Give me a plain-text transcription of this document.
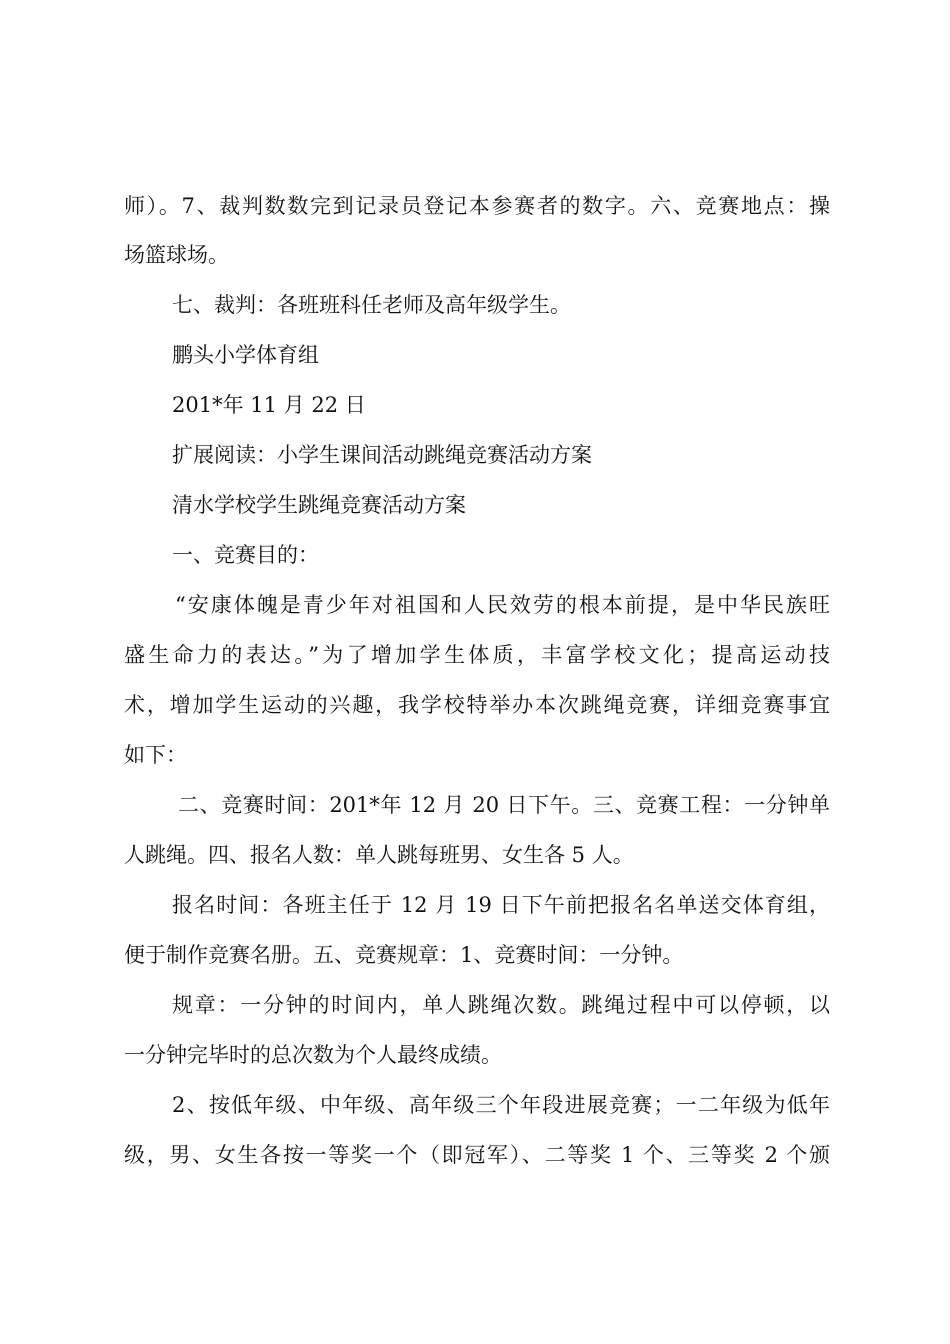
师）。7、裁判数数完到记录员登记本参赛者的数字。六、竞赛地点：操
场篮球场。
七、裁判：各班班科任老师及高年级学生。
鹏头小学体育组
201*年 11 月 22 日
扩展阅读：小学生课间活动跳绳竞赛活动方案
清水学校学生跳绳竞赛活动方案
一、竞赛目的：
“安康体魄是青少年对祖国和人民效劳的根本前提，是中华民族旺
盛生命力的表达。”为了增加学生体质，丰富学校文化；提高运动技
术，增加学生运动的兴趣，我学校特举办本次跳绳竞赛，详细竞赛事宜
如下：
二、竞赛时间：201*年 12 月 20 日下午。三、竞赛工程：一分钟单
人跳绳。四、报名人数：单人跳每班男、女生各 5 人。
报名时间：各班主任于 12 月 19 日下午前把报名名单送交体育组，
便于制作竞赛名册。五、竞赛规章：1、竞赛时间：一分钟。
规章：一分钟的时间内，单人跳绳次数。跳绳过程中可以停顿，以
一分钟完毕时的总次数为个人最终成绩。
2、按低年级、中年级、高年级三个年段进展竞赛；一二年级为低年
级，男、女生各按一等奖一个（即冠军）、二等奖 1 个、三等奖 2 个颁
